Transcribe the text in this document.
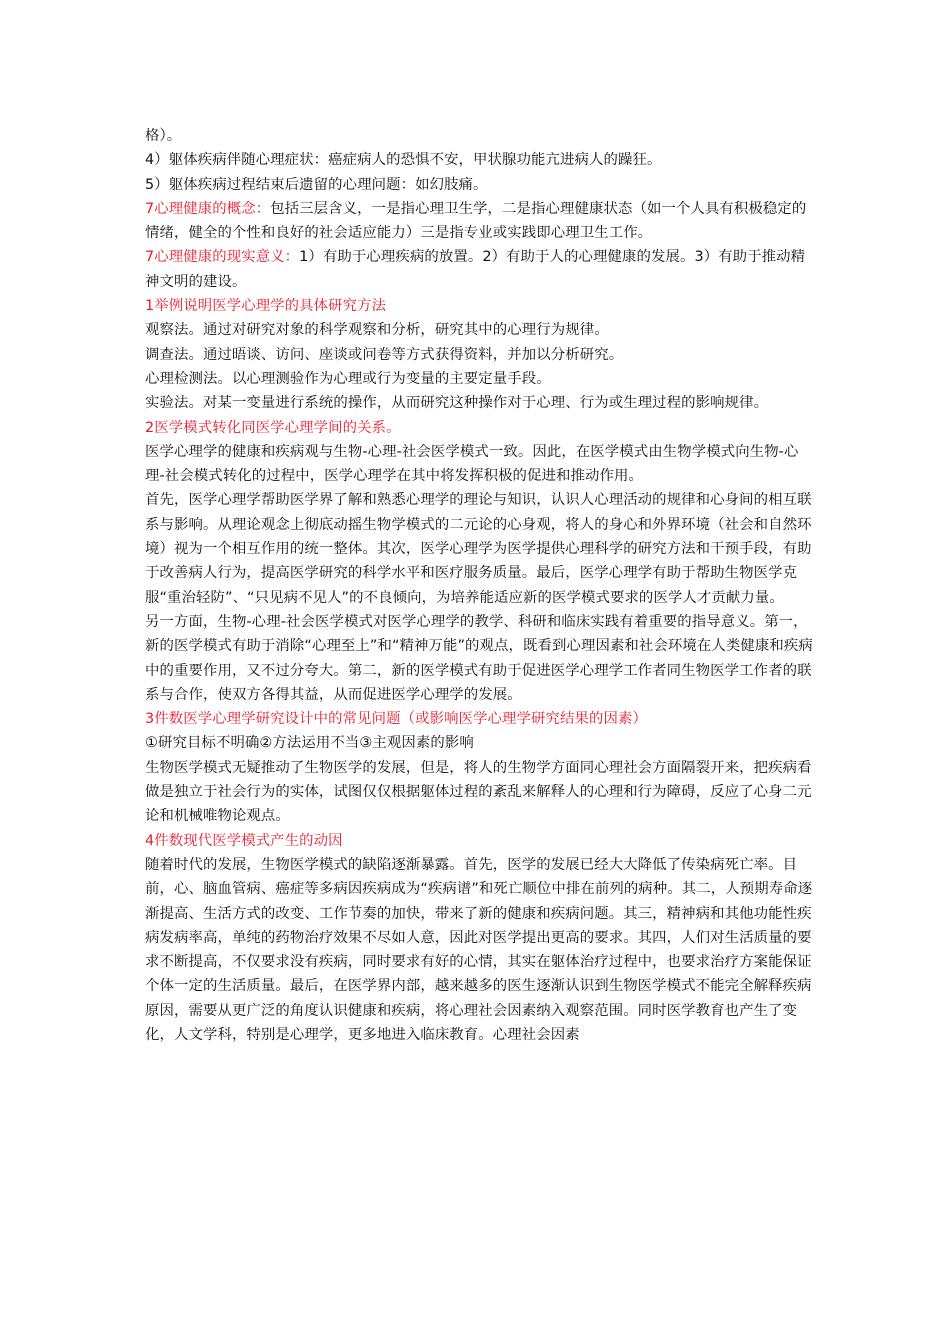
格）。

4）躯体疾病伴随心理症状：癌症病人的恐惧不安，甲状腺功能亢进病人的躁狂。

5）躯体疾病过程结束后遗留的心理问题：如幻肢痛。

7心理健康的概念：包括三层含义，一是指心理卫生学，二是指心理健康状态（如一个人具有积极稳定的情绪，健全的个性和良好的社会适应能力）三是指专业或实践即心理卫生工作。

7心理健康的现实意义：1）有助于心理疾病的放置。2）有助于人的心理健康的发展。3）有助于推动精神文明的建设。

1举例说明医学心理学的具体研究方法

观察法。通过对研究对象的科学观察和分析，研究其中的心理行为规律。

调查法。通过晤谈、访问、座谈或问卷等方式获得资料，并加以分析研究。

心理检测法。以心理测验作为心理或行为变量的主要定量手段。

实验法。对某一变量进行系统的操作，从而研究这种操作对于心理、行为或生理过程的影响规律。

2医学模式转化同医学心理学间的关系。

医学心理学的健康和疾病观与生物-心理-社会医学模式一致。因此，在医学模式由生物学模式向生物-心理-社会模式转化的过程中，医学心理学在其中将发挥积极的促进和推动作用。

首先，医学心理学帮助医学界了解和熟悉心理学的理论与知识，认识人心理活动的规律和心身间的相互联系与影响。从理论观念上彻底动摇生物学模式的二元论的心身观，将人的身心和外界环境（社会和自然环境）视为一个相互作用的统一整体。其次，医学心理学为医学提供心理科学的研究方法和干预手段，有助于改善病人行为，提高医学研究的科学水平和医疗服务质量。最后，医学心理学有助于帮助生物医学克服“重治轻防”、“只见病不见人”的不良倾向，为培养能适应新的医学模式要求的医学人才贡献力量。

另一方面，生物-心理-社会医学模式对医学心理学的教学、科研和临床实践有着重要的指导意义。第一，新的医学模式有助于消除“心理至上”和“精神万能”的观点，既看到心理因素和社会环境在人类健康和疾病中的重要作用，又不过分夸大。第二，新的医学模式有助于促进医学心理学工作者同生物医学工作者的联系与合作，使双方各得其益，从而促进医学心理学的发展。

3件数医学心理学研究设计中的常见问题（或影响医学心理学研究结果的因素）

①研究目标不明确②方法运用不当③主观因素的影响

生物医学模式无疑推动了生物医学的发展，但是，将人的生物学方面同心理社会方面隔裂开来，把疾病看做是独立于社会行为的实体，试图仅仅根据躯体过程的紊乱来解释人的心理和行为障碍，反应了心身二元论和机械唯物论观点。

4件数现代医学模式产生的动因

随着时代的发展，生物医学模式的缺陷逐渐暴露。首先，医学的发展已经大大降低了传染病死亡率。目前，心、脑血管病、癌症等多病因疾病成为“疾病谱”和死亡顺位中排在前列的病种。其二，人预期寿命逐渐提高、生活方式的改变、工作节奏的加快，带来了新的健康和疾病问题。其三，精神病和其他功能性疾病发病率高，单纯的药物治疗效果不尽如人意，因此对医学提出更高的要求。其四，人们对生活质量的要求不断提高，不仅要求没有疾病，同时要求有好的心情，其实在躯体治疗过程中，也要求治疗方案能保证个体一定的生活质量。最后，在医学界内部，越来越多的医生逐渐认识到生物医学模式不能完全解释疾病原因，需要从更广泛的角度认识健康和疾病，将心理社会因素纳入观察范围。同时医学教育也产生了变化，人文学科，特别是心理学，更多地进入临床教育。心理社会因素
